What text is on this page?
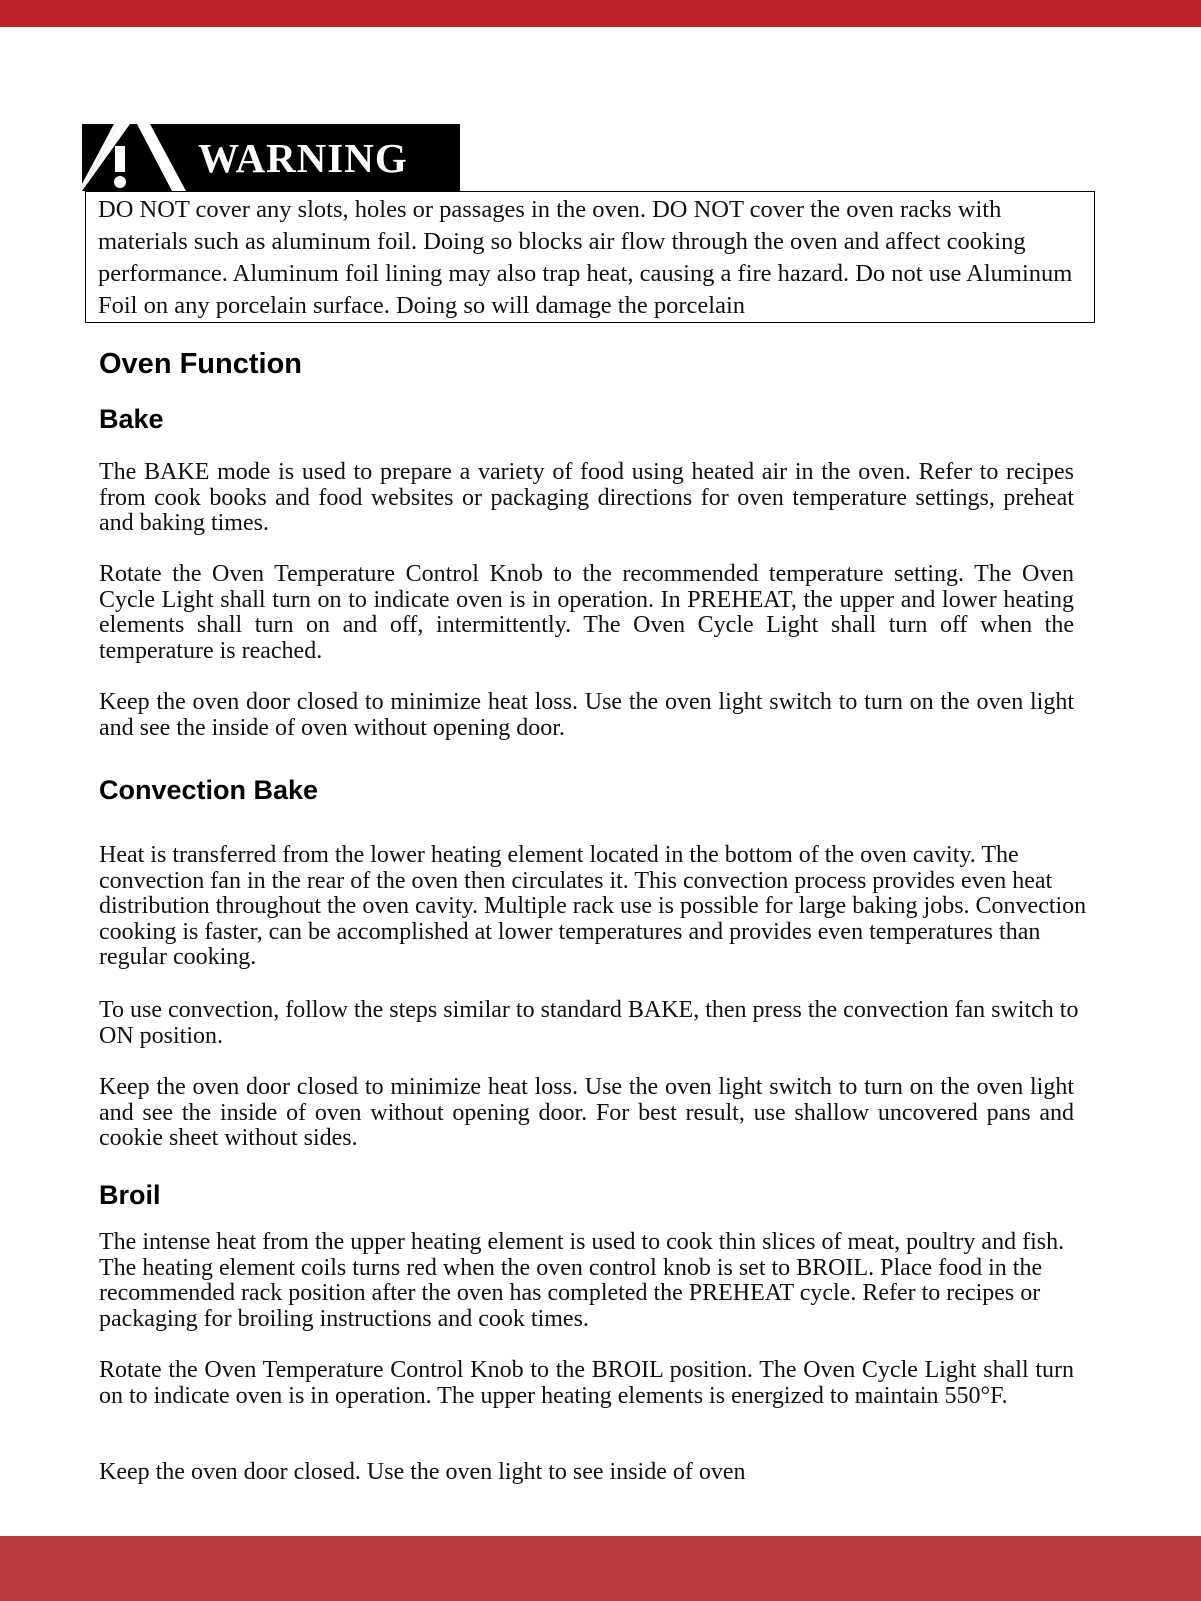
WARNING

DO NOT cover any slots, holes or passages in the oven. DO NOT cover the oven racks with materials such as aluminum foil. Doing so blocks air flow through the oven and affect cooking performance. Aluminum foil lining may also trap heat, causing a fire hazard. Do not use Aluminum Foil on any porcelain surface. Doing so will damage the porcelain

Oven Function
Bake

The BAKE mode is used to prepare a variety of food using heated air in the oven. Refer to recipes from cook books and food websites or packaging directions for oven temperature settings, preheat and baking times.

Rotate the Oven Temperature Control Knob to the recommended temperature setting. The Oven Cycle Light shall turn on to indicate oven is in operation. In PREHEAT, the upper and lower heating elements shall turn on and off, intermittently. The Oven Cycle Light shall turn off when the temperature is reached.

Keep the oven door closed to minimize heat loss. Use the oven light switch to turn on the oven light and see the inside of oven without opening door.

Convection Bake

Heat is transferred from the lower heating element located in the bottom of the oven cavity. The convection fan in the rear of the oven then circulates it. This convection process provides even heat distribution throughout the oven cavity. Multiple rack use is possible for large baking jobs. Convection cooking is faster, can be accomplished at lower temperatures and provides even temperatures than regular cooking.

To use convection, follow the steps similar to standard BAKE, then press the convection fan switch to ON position.

Keep the oven door closed to minimize heat loss. Use the oven light switch to turn on the oven light and see the inside of oven without opening door. For best result, use shallow uncovered pans and cookie sheet without sides.

Broil

The intense heat from the upper heating element is used to cook thin slices of meat, poultry and fish. The heating element coils turns red when the oven control knob is set to BROIL. Place food in the recommended rack position after the oven has completed the PREHEAT cycle. Refer to recipes or packaging for broiling instructions and cook times.

Rotate the Oven Temperature Control Knob to the BROIL position. The Oven Cycle Light shall turn on to indicate oven is in operation. The upper heating elements is energized to maintain 550°F.

Keep the oven door closed. Use the oven light to see inside of oven
